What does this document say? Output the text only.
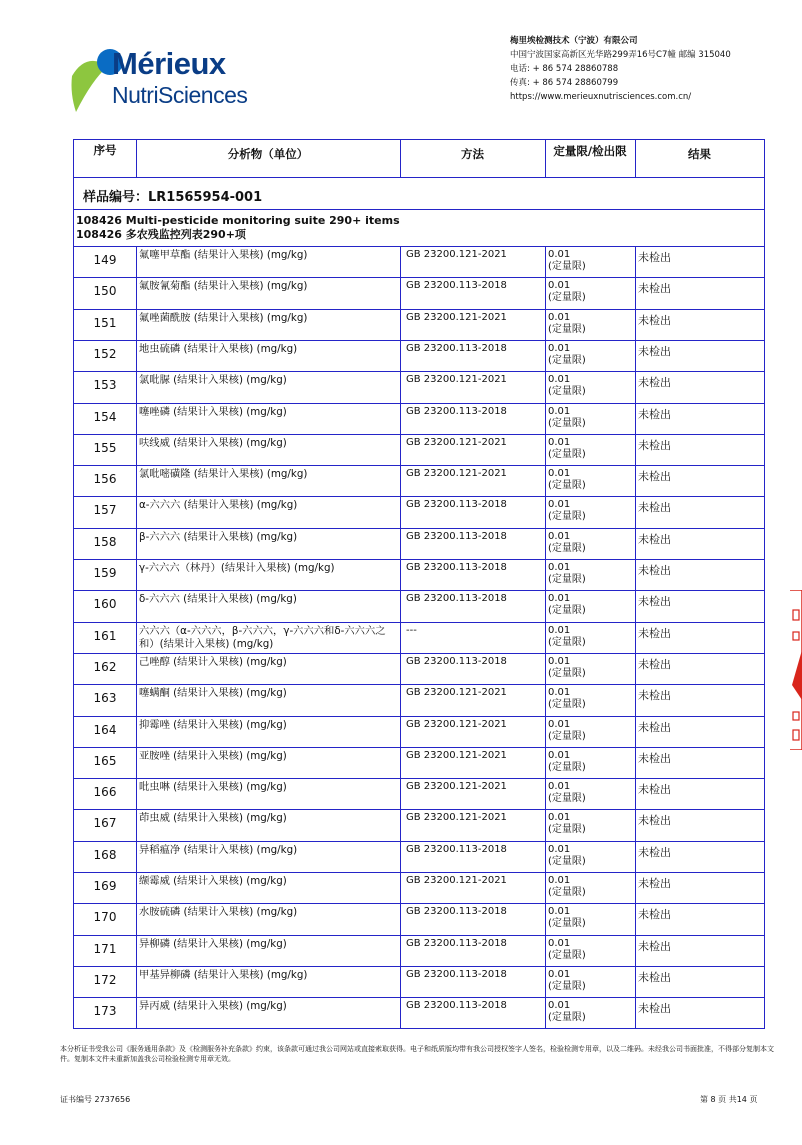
Mérieux
NutriSciences
梅里埃检测技术（宁波）有限公司
中国宁波国家高新区光华路299弄16号C7幢 邮编 315040
电话: + 86 574 28860788
传真: + 86 574 28860799
https://www.merieuxnutrisciences.com.cn/
序号	分析物（单位）	方法	定量限/检出限	结果
样品编号：LR1565954-001
108426 Multi-pesticide monitoring suite 290+ items
108426 多农残监控列表290+项
149	氟噻甲草酯 (结果计入果核) (mg/kg)	GB 23200.121-2021	0.01
(定量限)
未检出
150	氟胺氰菊酯 (结果计入果核) (mg/kg)	GB 23200.113-2018	0.01
(定量限)
未检出
151	氟唑菌酰胺 (结果计入果核) (mg/kg)	GB 23200.121-2021	0.01
(定量限)
未检出
152	地虫硫磷 (结果计入果核) (mg/kg)	GB 23200.113-2018	0.01
(定量限)
未检出
153	氯吡脲 (结果计入果核) (mg/kg)	GB 23200.121-2021	0.01
(定量限)
未检出
154	噻唑磷 (结果计入果核) (mg/kg)	GB 23200.113-2018	0.01
(定量限)
未检出
155	呋线威 (结果计入果核) (mg/kg)	GB 23200.121-2021	0.01
(定量限)
未检出
156	氯吡嘧磺隆 (结果计入果核) (mg/kg)	GB 23200.121-2021	0.01
(定量限)
未检出
157	α-六六六 (结果计入果核) (mg/kg)	GB 23200.113-2018	0.01
(定量限)
未检出
158	β-六六六 (结果计入果核) (mg/kg)	GB 23200.113-2018	0.01
(定量限)
未检出
159	γ-六六六（林丹）(结果计入果核) (mg/kg)	GB 23200.113-2018	0.01
(定量限)
未检出
160	δ-六六六 (结果计入果核) (mg/kg)	GB 23200.113-2018	0.01
(定量限)
未检出
161	六六六（α-六六六，β-六六六，γ-六六六和δ-六六六之和）(结果计入果核) (mg/kg)
---	0.01
(定量限)
未检出
162	己唑醇 (结果计入果核) (mg/kg)	GB 23200.113-2018	0.01
(定量限)
未检出
163	噻螨酮 (结果计入果核) (mg/kg)	GB 23200.121-2021	0.01
(定量限)
未检出
164	抑霉唑 (结果计入果核) (mg/kg)	GB 23200.121-2021	0.01
(定量限)
未检出
165	亚胺唑 (结果计入果核) (mg/kg)	GB 23200.121-2021	0.01
(定量限)
未检出
166	吡虫啉 (结果计入果核) (mg/kg)	GB 23200.121-2021	0.01
(定量限)
未检出
167	茚虫威 (结果计入果核) (mg/kg)	GB 23200.121-2021	0.01
(定量限)
未检出
168	异稻瘟净 (结果计入果核) (mg/kg)	GB 23200.113-2018	0.01
(定量限)
未检出
169	缬霉威 (结果计入果核) (mg/kg)	GB 23200.121-2021	0.01
(定量限)
未检出
170	水胺硫磷 (结果计入果核) (mg/kg)	GB 23200.113-2018	0.01
(定量限)
未检出
171	异柳磷 (结果计入果核) (mg/kg)	GB 23200.113-2018	0.01
(定量限)
未检出
172	甲基异柳磷 (结果计入果核) (mg/kg)	GB 23200.113-2018	0.01
(定量限)
未检出
173	异丙威 (结果计入果核) (mg/kg)	GB 23200.113-2018	0.01
(定量限)
未检出
本分析证书受我公司《服务通用条款》及《检测服务补充条款》约束，该条款可通过我公司网站或直接索取获得。电子和纸质版均带有我公司授权签字人签名，检验检测专用章，以及二维码。未经我公司书面批准，不得部分复制本文件。复制本文件未重新加盖我公司检验检测专用章无效。
证书编号 2737656	第 8 页 共14 页
